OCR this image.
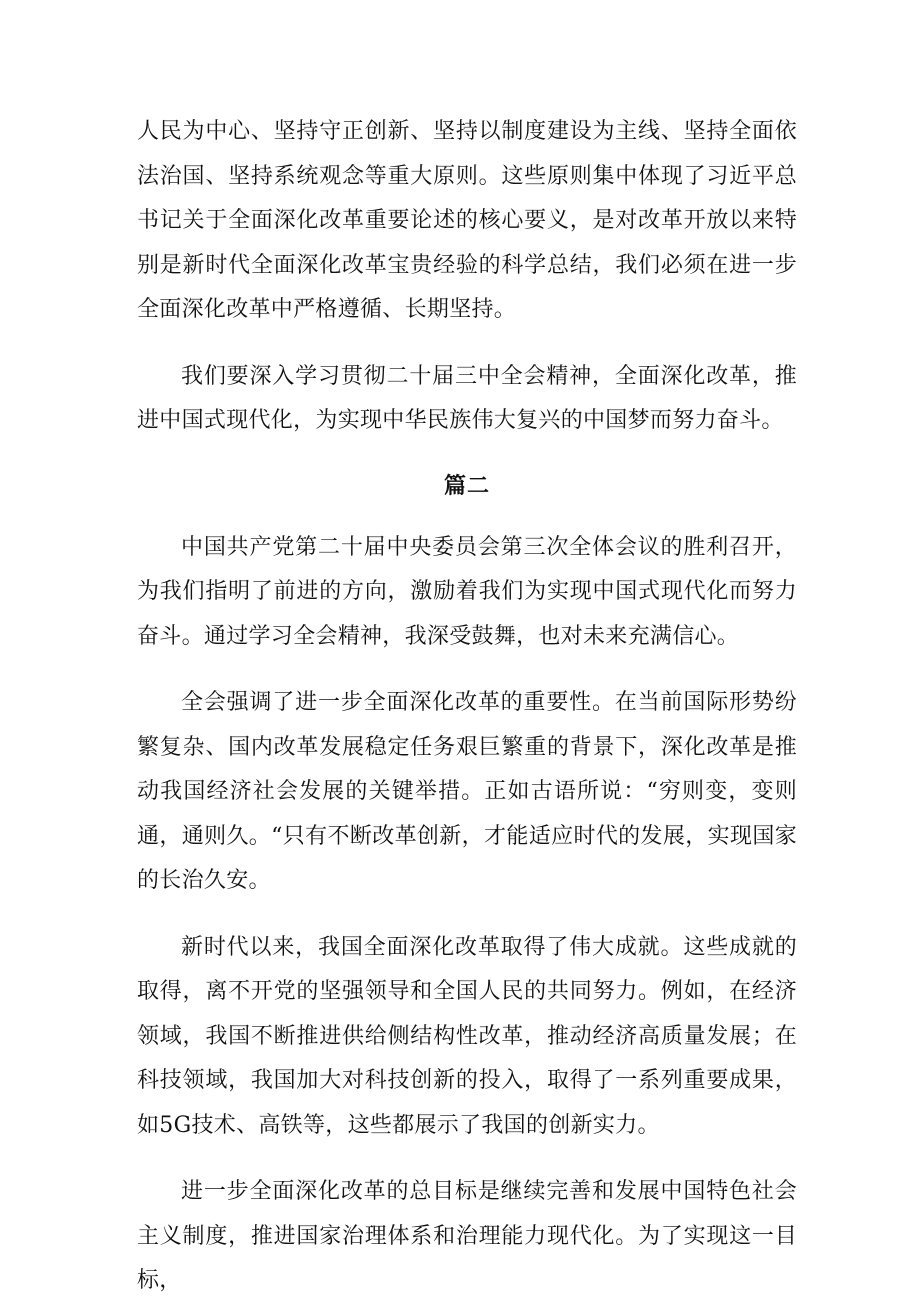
人民为中心、坚持守正创新、坚持以制度建设为主线、坚持全面依法治国、坚持系统观念等重大原则。这些原则集中体现了习近平总书记关于全面深化改革重要论述的核心要义，是对改革开放以来特别是新时代全面深化改革宝贵经验的科学总结，我们必须在进一步全面深化改革中严格遵循、长期坚持。

我们要深入学习贯彻二十届三中全会精神，全面深化改革，推进中国式现代化，为实现中华民族伟大复兴的中国梦而努力奋斗。

篇二

中国共产党第二十届中央委员会第三次全体会议的胜利召开，为我们指明了前进的方向，激励着我们为实现中国式现代化而努力奋斗。通过学习全会精神，我深受鼓舞，也对未来充满信心。

全会强调了进一步全面深化改革的重要性。在当前国际形势纷繁复杂、国内改革发展稳定任务艰巨繁重的背景下，深化改革是推动我国经济社会发展的关键举措。正如古语所说：“穷则变，变则通，通则久。“只有不断改革创新，才能适应时代的发展，实现国家的长治久安。

新时代以来，我国全面深化改革取得了伟大成就。这些成就的取得，离不开党的坚强领导和全国人民的共同努力。例如，在经济领域，我国不断推进供给侧结构性改革，推动经济高质量发展；在科技领域，我国加大对科技创新的投入，取得了一系列重要成果，如5G技术、高铁等，这些都展示了我国的创新实力。

进一步全面深化改革的总目标是继续完善和发展中国特色社会主义制度，推进国家治理体系和治理能力现代化。为了实现这一目标，
